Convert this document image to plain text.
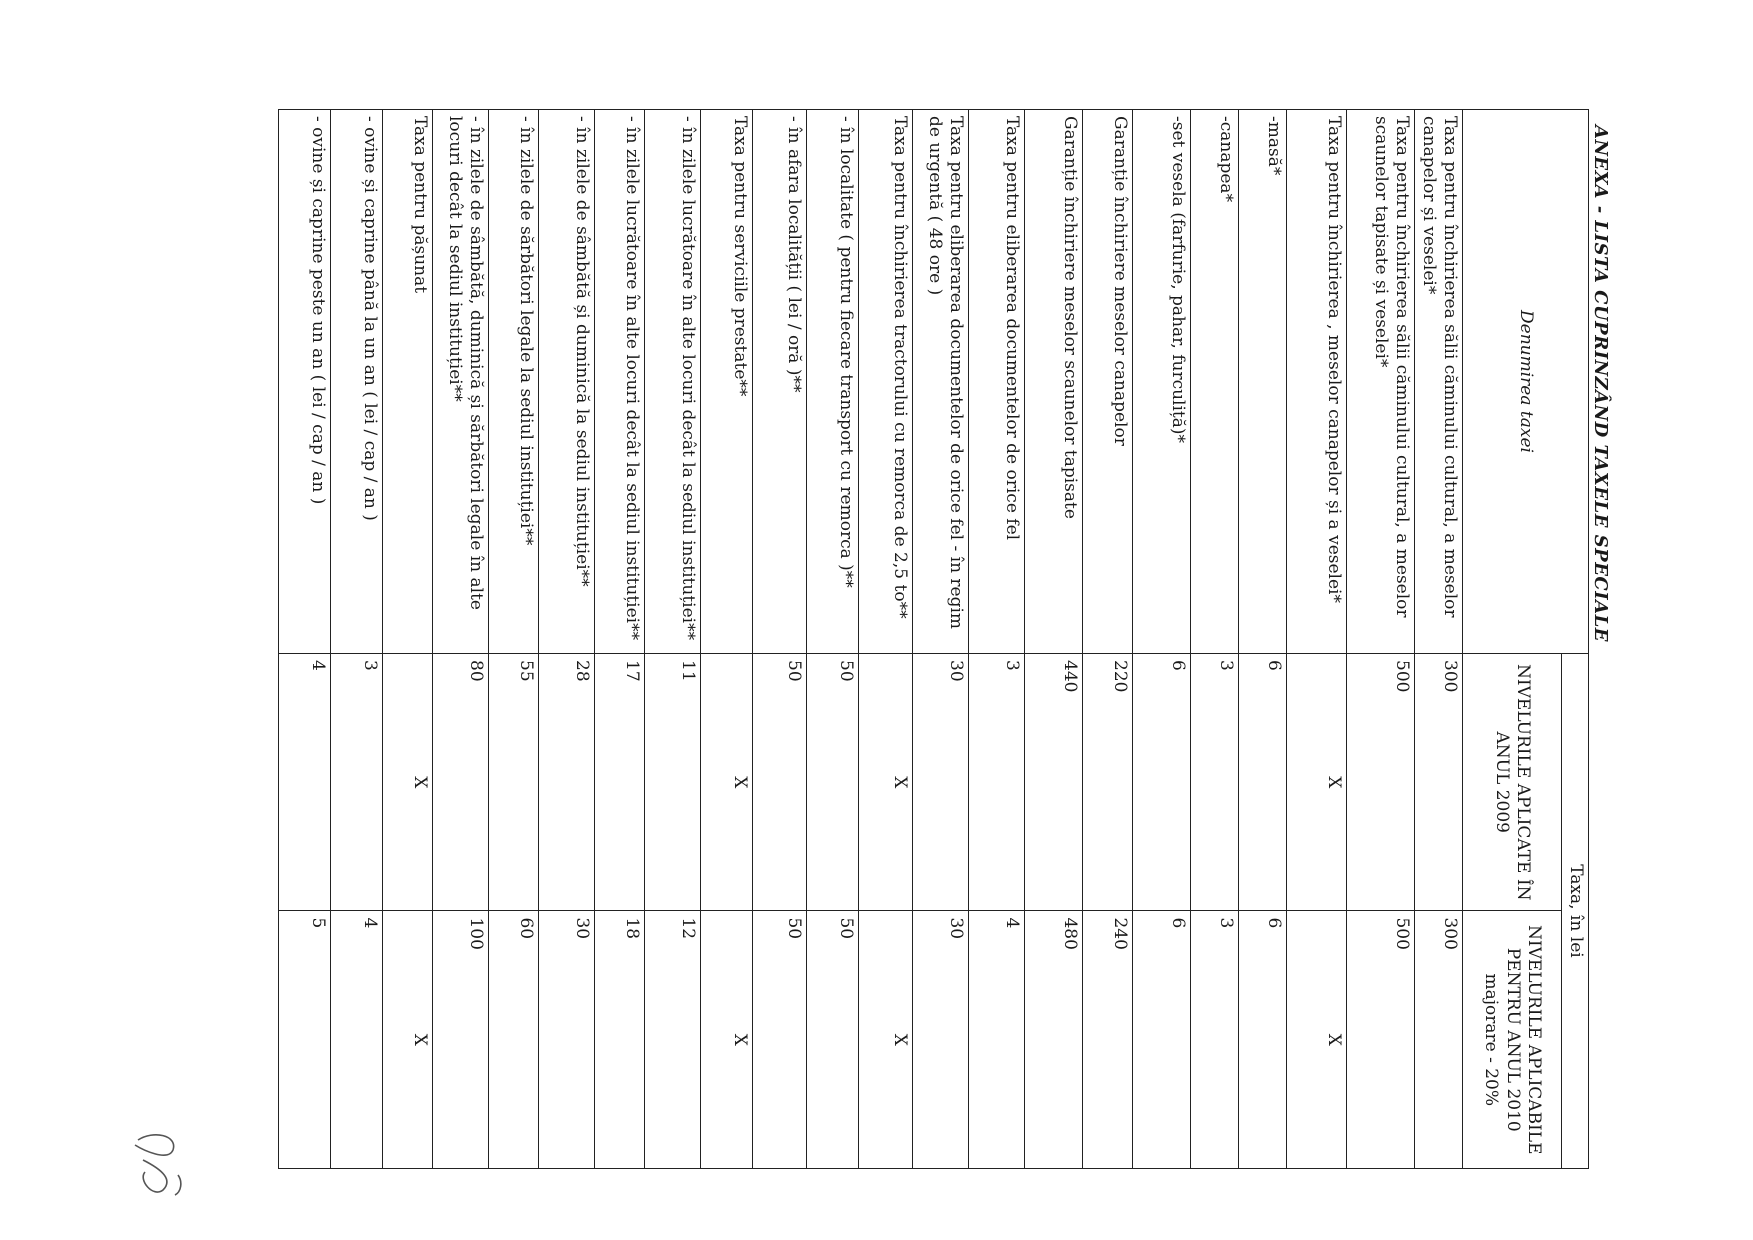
ANEXA - LISTA CUPRINZÂND TAXELE SPECIALE
Denumirea taxei	Taxa, în lei	
	NIVELURILE APLICATE ÎN ANUL 2009	NIVELURILE APLICABILE PENTRU ANUL 2010 majorare - 20%

Taxa pentru închirierea sălii căminului cultural, a meselor canapelor și veselei*	300	300
Taxa pentru închirierea sălii căminului cultural, a meselor scaunelor tapisate și veselei*	500	500
Taxa pentru închirierea , meselor canapelor și a veselei*	X	X
-masă*	6	6
-canapea*	3	3
-set vesela (farfurie, pahar, furculiță)*	6	6
Garanție închiriere meselor canapelor	220	240
Garanție închiriere meselor scaunelor tapisate	440	480
Taxa pentru eliberarea documentelor de orice fel	3	4
Taxa pentru eliberarea documentelor de orice fel - în regim de urgentă ( 48 ore )	30	30
Taxa pentru închirierea tractorului cu remorca de 2,5 to**	X	X
- în localitate ( pentru fiecare transport cu remorca )**	50	50
- în afara localității ( lei / oră )**	50	50
Taxa pentru serviciile prestate**	X	X
- în zilele lucrătoare în alte locuri decât la sediul instituției**	11	12
- în zilele lucrătoare în alte locuri decât la sediul instituției**	17	18
- în zilele de sâmbătă și duminică la sediul instituției**	28	30
- în zilele de sărbători legale la sediul instituției**	55	60
- în zilele de sâmbătă, duminică și sărbători legale în alte locuri decât la sediul instituției**	80	100
Taxa pentru pășunat	X	X
- ovine și caprine până la un an ( lei / cap / an )	3	4
- ovine și caprine peste un an ( lei / cap / an )	4	5
